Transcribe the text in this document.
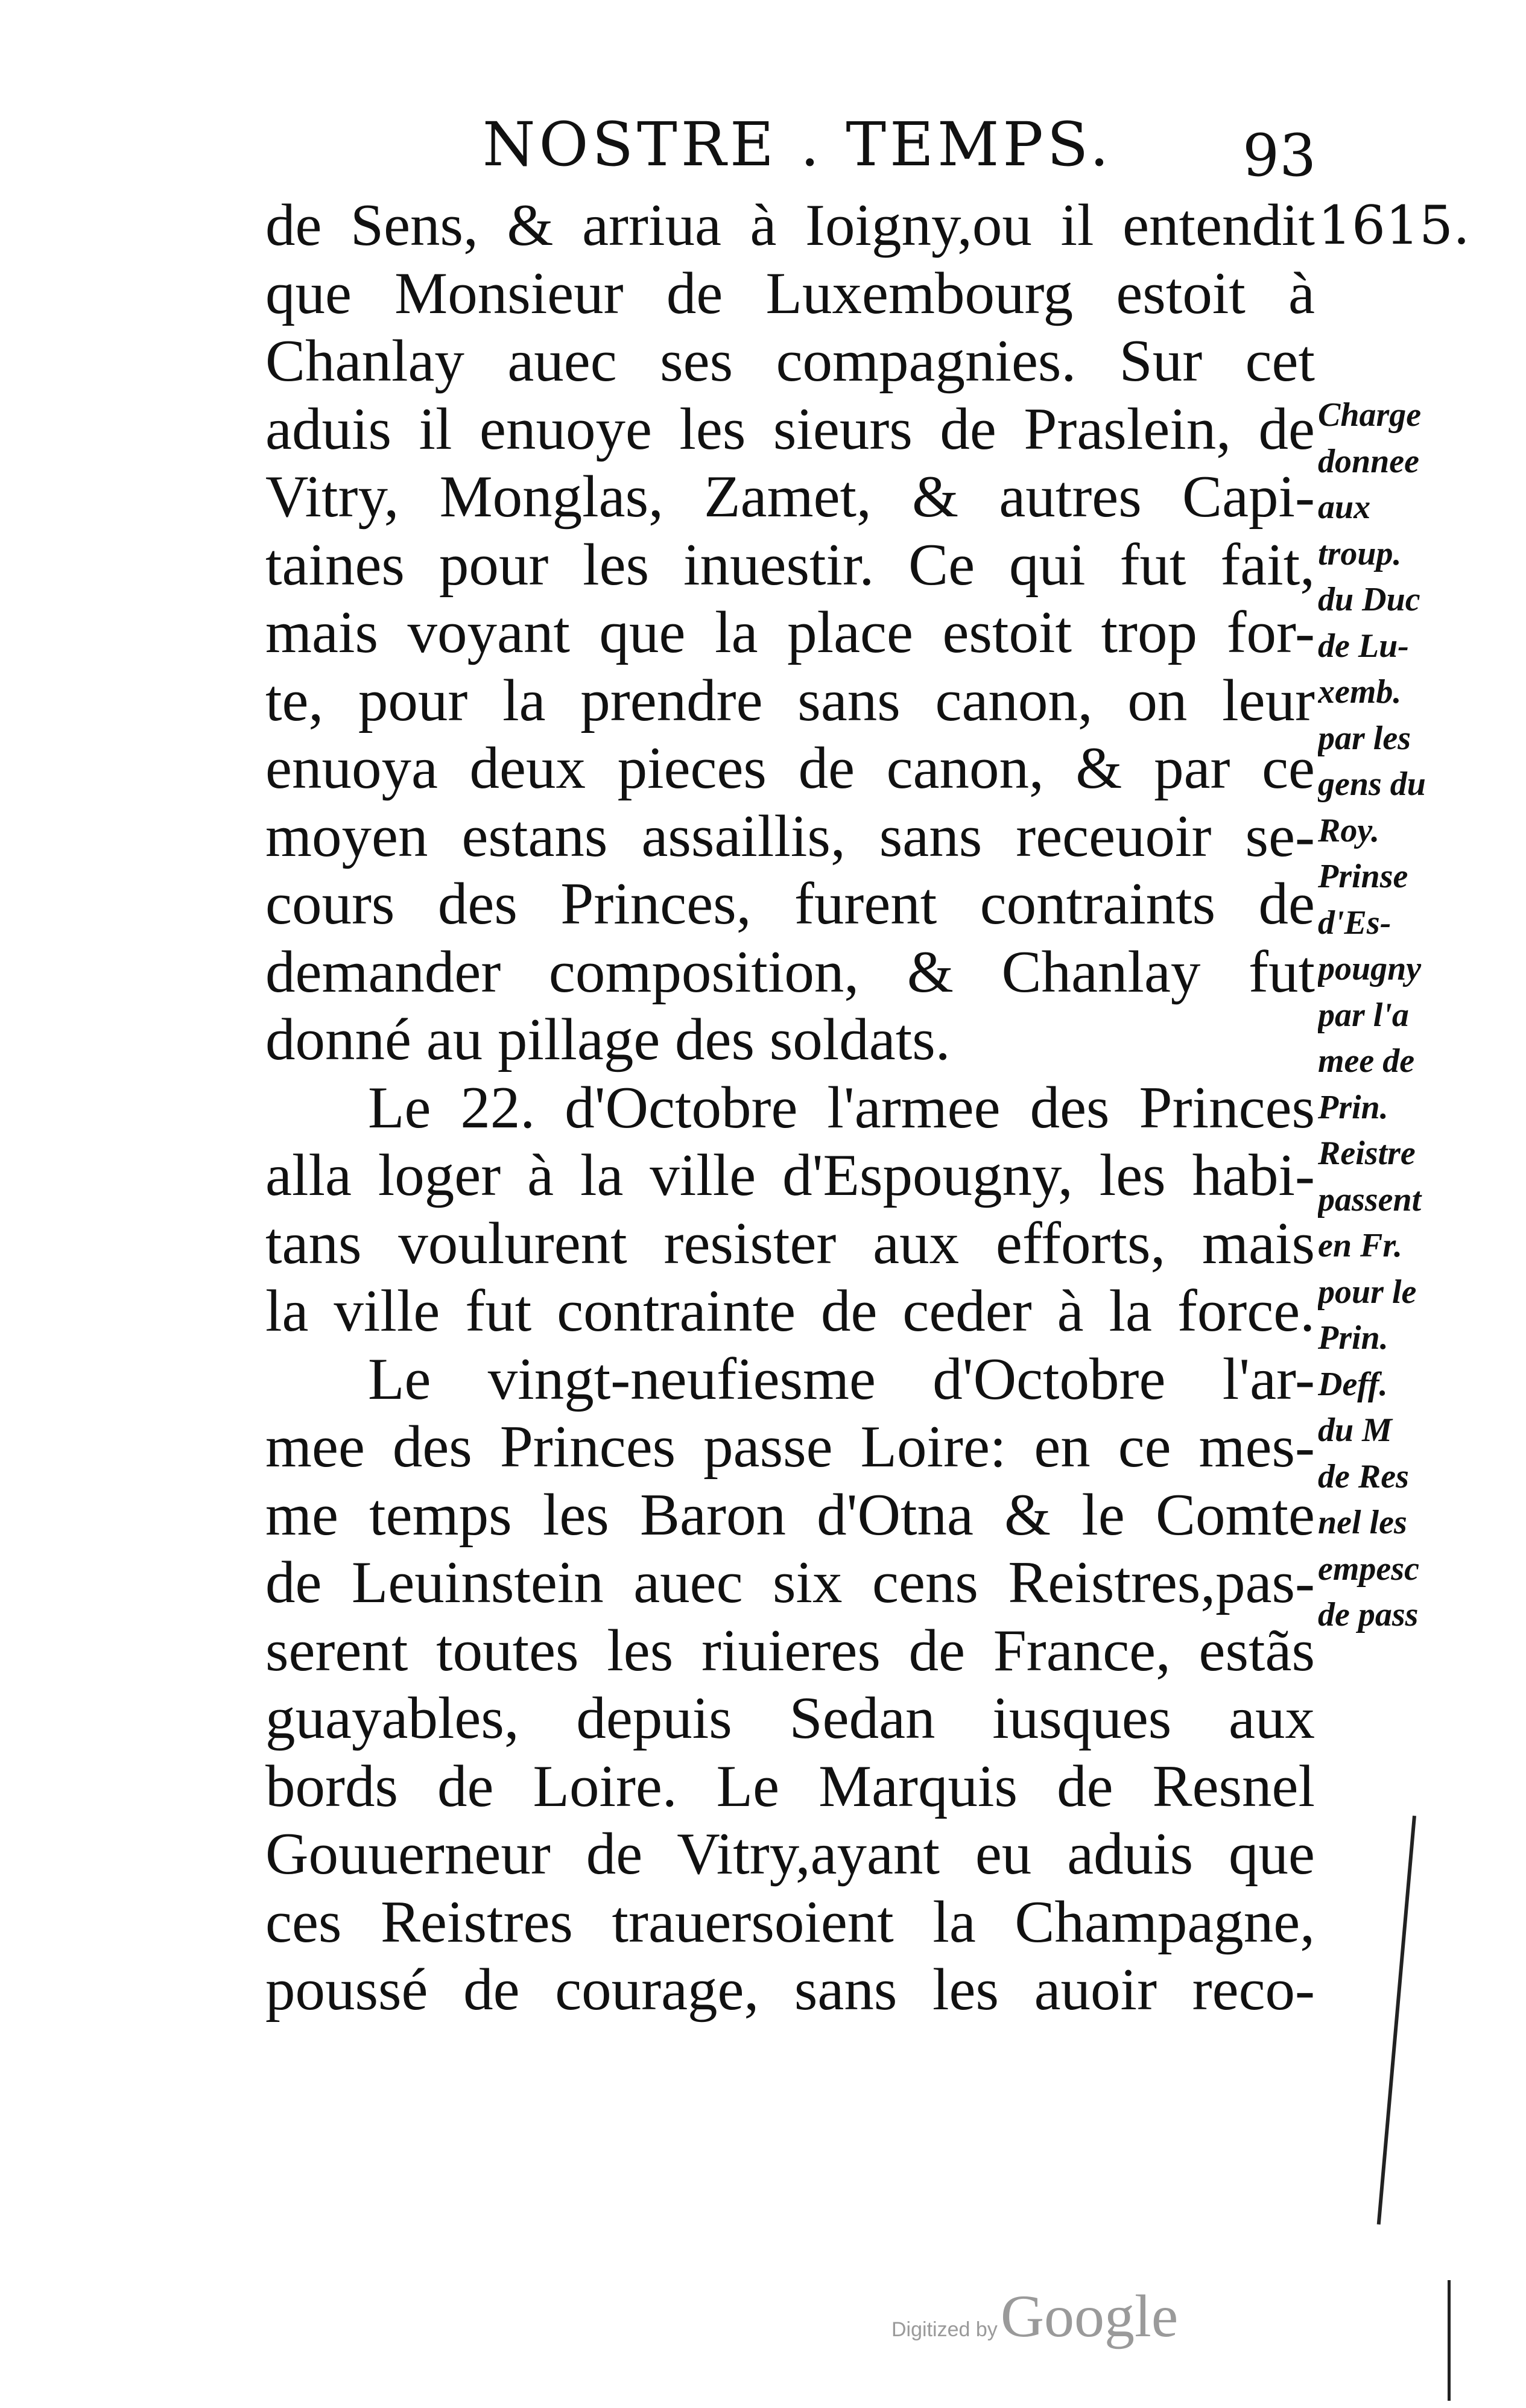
NOSTRE . TEMPS. 93
de Sens, & arriua à Ioigny,ou il entendit
que Monsieur de Luxembourg estoit à
Chanlay auec ses compagnies. Sur cet
aduis il enuoye les sieurs de Praslein, de
Vitry, Monglas, Zamet, & autres Capi-
taines pour les inuestir. Ce qui fut fait,
mais voyant que la place estoit trop for-
te, pour la prendre sans canon, on leur
enuoya deux pieces de canon, & par ce
moyen estans assaillis, sans receuoir se-
cours des Princes, furent contraints de
demander composition, & Chanlay fut
donné au pillage des soldats.
Le 22. d'Octobre l'armee des Princes
alla loger à la ville d'Espougny, les habi-
tans voulurent resister aux efforts, mais
la ville fut contrainte de ceder à la force.
Le vingt-neufiesme d'Octobre l'ar-
mee des Princes passe Loire: en ce mes-
me temps les Baron d'Otna & le Comte
de Leuinstein auec six cens Reistres,pas-
serent toutes les riuieres de France, estãs
guayables, depuis Sedan iusques aux
bords de Loire. Le Marquis de Resnel
Gouuerneur de Vitry,ayant eu aduis que
ces Reistres trauersoient la Champagne,
poussé de courage, sans les auoir reco-
1615.
Charge
donnee
aux
troup.
du Duc
de Lu-
xemb.
par les
gens du
Roy.
Prinse
d'Es-
pougny
par l'a
mee de
Prin.
Reistre
passent
en Fr.
pour le
Prin.
Deff.
du M
de Res
nel les
empesc
de pass
Digitized by Google
